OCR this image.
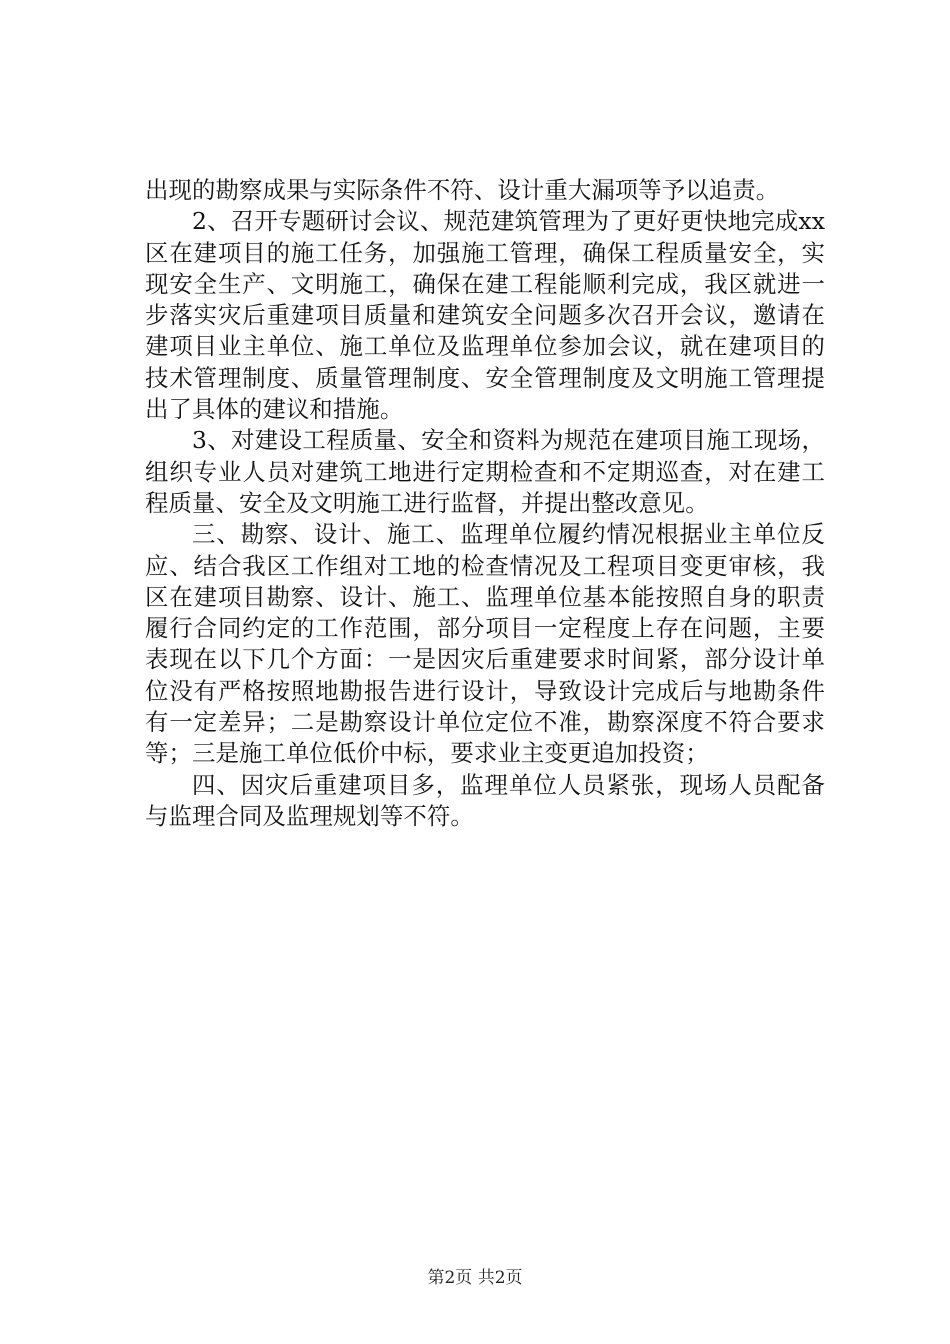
出现的勘察成果与实际条件不符、设计重大漏项等予以追责。

2、召开专题研讨会议、规范建筑管理为了更好更快地完成xx区在建项目的施工任务，加强施工管理，确保工程质量安全，实现安全生产、文明施工，确保在建工程能顺利完成，我区就进一步落实灾后重建项目质量和建筑安全问题多次召开会议，邀请在建项目业主单位、施工单位及监理单位参加会议，就在建项目的技术管理制度、质量管理制度、安全管理制度及文明施工管理提出了具体的建议和措施。

3、对建设工程质量、安全和资料为规范在建项目施工现场，组织专业人员对建筑工地进行定期检查和不定期巡查，对在建工程质量、安全及文明施工进行监督，并提出整改意见。

三、勘察、设计、施工、监理单位履约情况根据业主单位反应、结合我区工作组对工地的检查情况及工程项目变更审核，我区在建项目勘察、设计、施工、监理单位基本能按照自身的职责履行合同约定的工作范围，部分项目一定程度上存在问题，主要表现在以下几个方面：一是因灾后重建要求时间紧，部分设计单位没有严格按照地勘报告进行设计，导致设计完成后与地勘条件有一定差异；二是勘察设计单位定位不准，勘察深度不符合要求等；三是施工单位低价中标，要求业主变更追加投资；

四、因灾后重建项目多，监理单位人员紧张，现场人员配备与监理合同及监理规划等不符。

第2页 共2页
